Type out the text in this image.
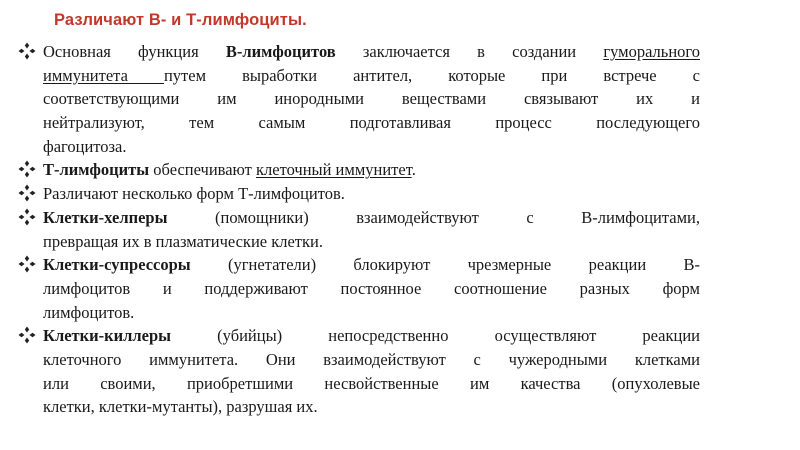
Различают В- и Т-лимфоциты.
Основная функция В-лимфоцитов заключается в создании гуморального
иммунитета путем выработки антител, которые при встрече с
соответствующими им инородными веществами связывают их и
нейтрализуют, тем самым подготавливая процесс последующего
фагоцитоза.
Т-лимфоциты обеспечивают клеточный иммунитет.
Различают несколько форм Т-лимфоцитов.
Клетки-хелперы (помощники) взаимодействуют с В-лимфоцитами,
превращая их в плазматические клетки.
Клетки-супрессоры (угнетатели) блокируют чрезмерные реакции В-
лимфоцитов и поддерживают постоянное соотношение разных форм
лимфоцитов.
Клетки-киллеры (убийцы) непосредственно осуществляют реакции
клеточного иммунитета. Они взаимодействуют с чужеродными клетками
или своими, приобретшими несвойственные им качества (опухолевые
клетки, клетки-мутанты), разрушая их.
